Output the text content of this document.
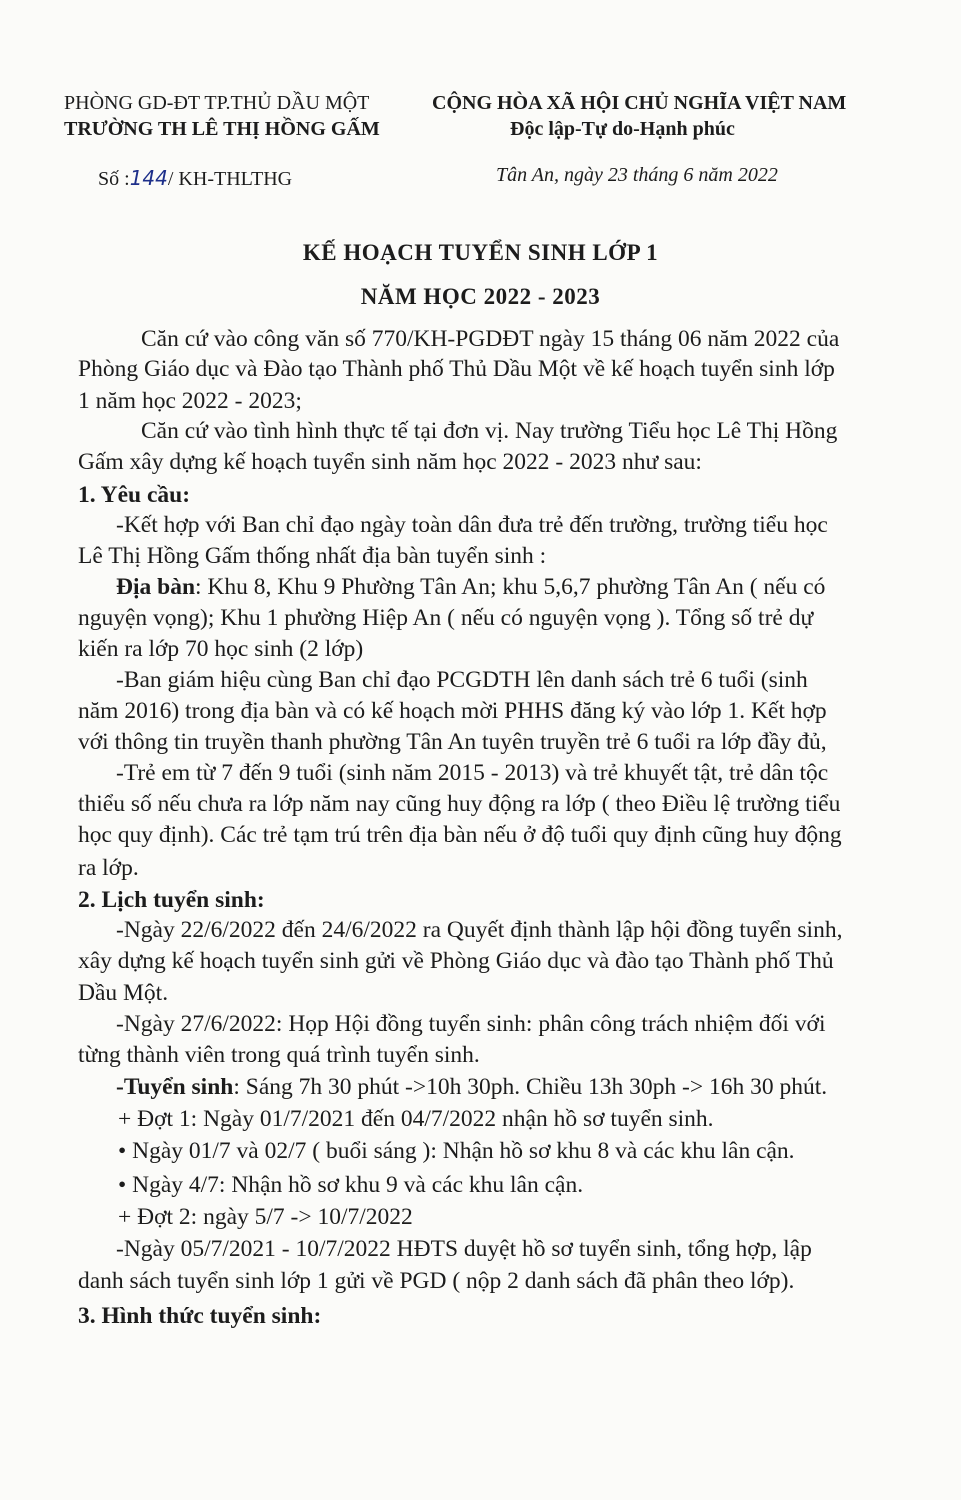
PHÒNG GD-ĐT TP.THỦ DẦU MỘT
TRƯỜNG TH LÊ THỊ HỒNG GẤM
Số :144/ KH-THLTHG
CỘNG HÒA XÃ HỘI CHỦ NGHĨA VIỆT NAM
Độc lập-Tự do-Hạnh phúc
Tân An, ngày 23 tháng 6 năm 2022
KẾ HOẠCH TUYỂN SINH LỚP 1
NĂM HỌC 2022 - 2023
Căn cứ vào công văn số 770/KH-PGDĐT ngày 15 tháng 06 năm 2022 của
Phòng Giáo dục và Đào tạo Thành phố Thủ Dầu Một về kế hoạch tuyển sinh lớp
1 năm học 2022 - 2023;
Căn cứ vào tình hình thực tế tại đơn vị. Nay trường Tiểu học Lê Thị Hồng
Gấm xây dựng kế hoạch tuyển sinh năm học 2022 - 2023 như sau:
1. Yêu cầu:
-Kết hợp với Ban chỉ đạo ngày toàn dân đưa trẻ đến trường, trường tiểu học
Lê Thị Hồng Gấm thống nhất địa bàn tuyển sinh :
Địa bàn: Khu 8, Khu 9 Phường Tân An; khu 5,6,7 phường Tân An ( nếu có
nguyện vọng); Khu 1 phường Hiệp An ( nếu có nguyện vọng ). Tổng số trẻ dự
kiến ra lớp 70 học sinh (2 lớp)
-Ban giám hiệu cùng Ban chỉ đạo PCGDTH lên danh sách trẻ 6 tuổi (sinh
năm 2016) trong địa bàn và có kế hoạch mời PHHS đăng ký vào lớp 1. Kết hợp
với thông tin truyền thanh phường Tân An tuyên truyền trẻ 6 tuổi ra lớp đầy đủ,
-Trẻ em từ 7 đến 9 tuổi (sinh năm 2015 - 2013) và trẻ khuyết tật, trẻ dân tộc
thiểu số nếu chưa ra lớp năm nay cũng huy động ra lớp ( theo Điều lệ trường tiểu
học quy định). Các trẻ tạm trú trên địa bàn nếu ở độ tuổi quy định cũng huy động
ra lớp.
2. Lịch tuyển sinh:
-Ngày 22/6/2022 đến 24/6/2022 ra Quyết định thành lập hội đồng tuyển sinh,
xây dựng kế hoạch tuyển sinh gửi về Phòng Giáo dục và đào tạo Thành phố Thủ
Dầu Một.
-Ngày 27/6/2022: Họp Hội đồng tuyển sinh: phân công trách nhiệm đối với
từng thành viên trong quá trình tuyển sinh.
-Tuyển sinh: Sáng 7h 30 phút ->10h 30ph. Chiều 13h 30ph -> 16h 30 phút.
+ Đợt 1: Ngày 01/7/2021 đến 04/7/2022 nhận hồ sơ tuyển sinh.
• Ngày 01/7 và 02/7 ( buổi sáng ): Nhận hồ sơ khu 8 và các khu lân cận.
• Ngày 4/7: Nhận hồ sơ khu 9 và các khu lân cận.
+ Đợt 2: ngày 5/7 -> 10/7/2022
-Ngày 05/7/2021 - 10/7/2022 HĐTS duyệt hồ sơ tuyển sinh, tổng hợp, lập
danh sách tuyển sinh lớp 1 gửi về PGD ( nộp 2 danh sách đã phân theo lớp).
3. Hình thức tuyển sinh:
